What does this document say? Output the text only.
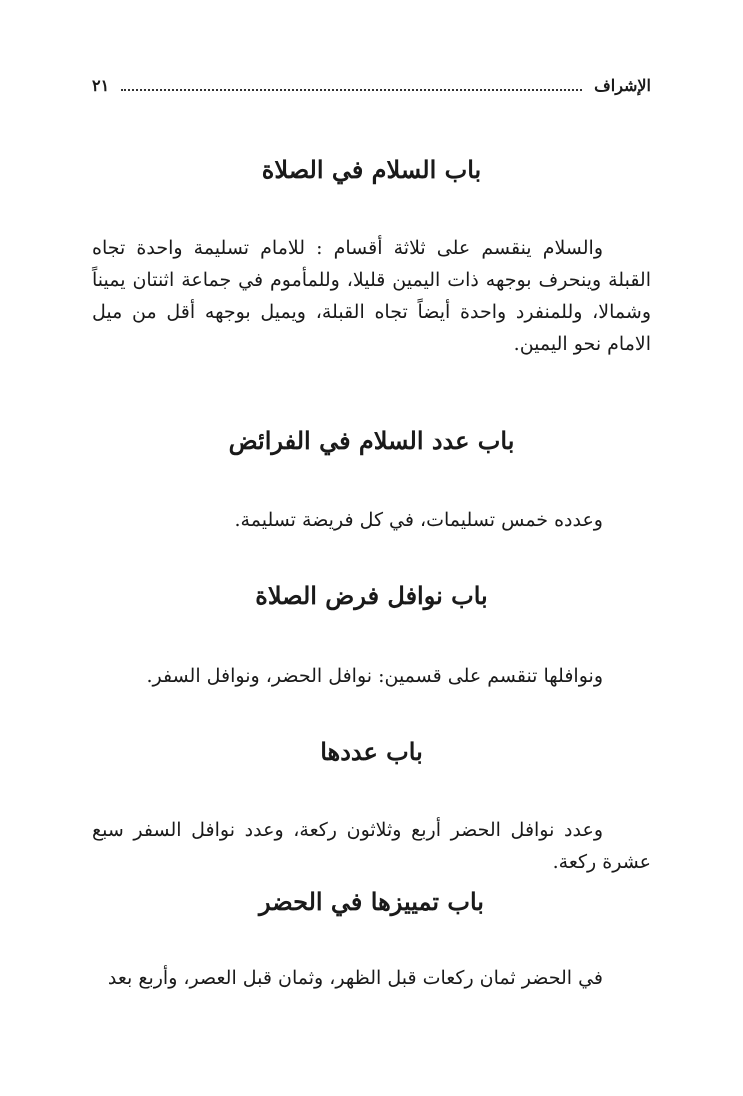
الإشراف
٢١
باب السلام في الصلاة

والسلام ينقسم على ثلاثة أقسام : للامام تسليمة واحدة تجاه القبلة وينحرف بوجهه ذات اليمين قليلا، وللمأموم في جماعة اثنتان يميناً وشمالا، وللمنفرد واحدة أيضاً تجاه القبلة، ويميل بوجهه أقل من ميل الامام نحو اليمين.

باب عدد السلام في الفرائض

وعدده خمس تسليمات، في كل فريضة تسليمة.

باب نوافل فرض الصلاة

ونوافلها تنقسم على قسمين: نوافل الحضر، ونوافل السفر.

باب عددها

وعدد نوافل الحضر أربع وثلاثون ركعة، وعدد نوافل السفر سبع عشرة ركعة.

باب تمييزها في الحضر

في الحضر ثمان ركعات قبل الظهر، وثمان قبل العصر، وأربع بعد
